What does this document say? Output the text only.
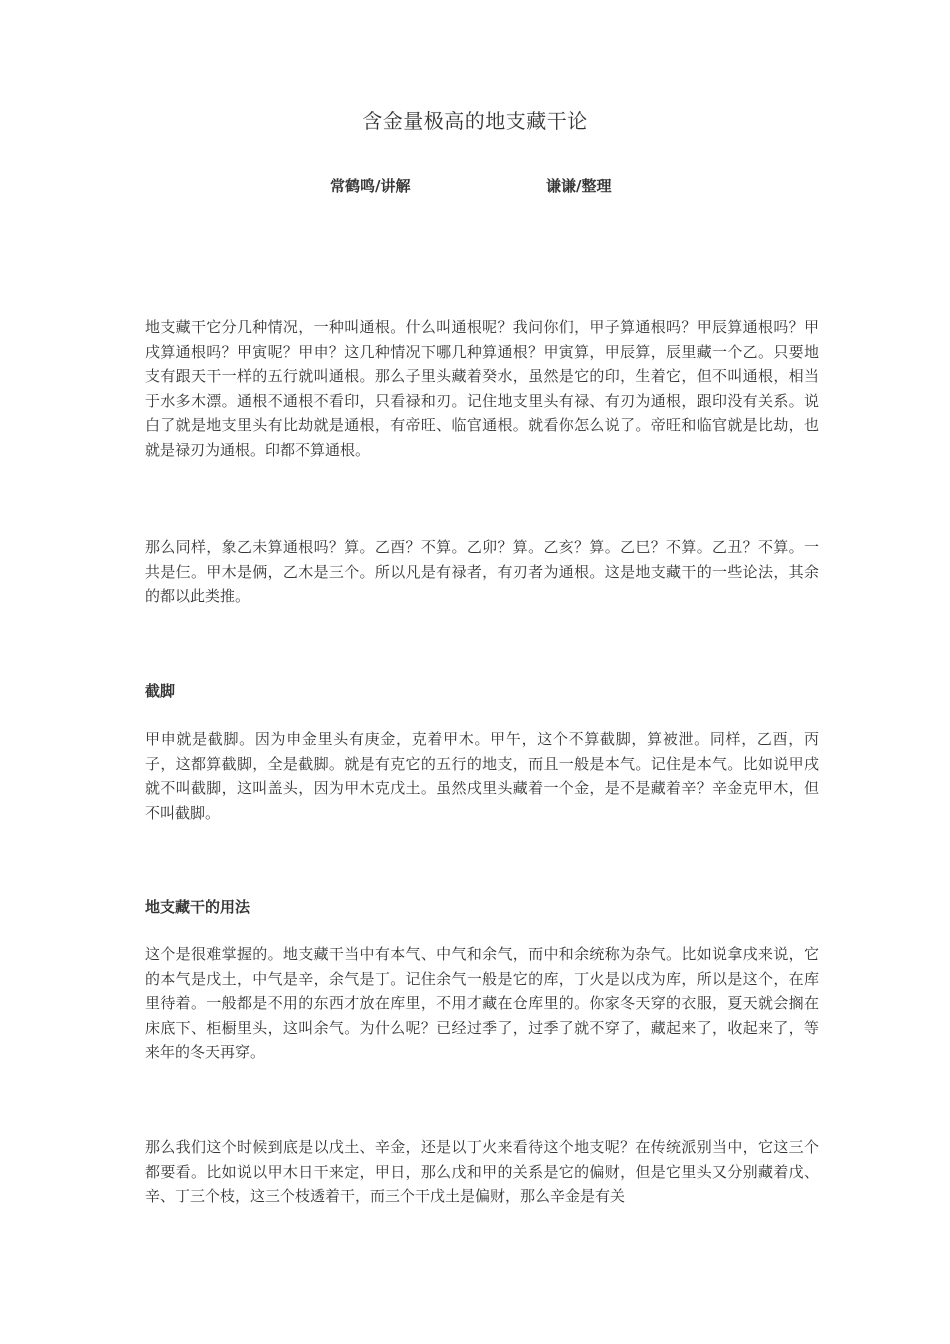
含金量极高的地支藏干论
常鹤鸣/讲解	谦谦/整理

地支藏干它分几种情况，一种叫通根。什么叫通根呢？我问你们，甲子算通根吗？甲辰算通根吗？甲戌算通根吗？甲寅呢？甲申？这几种情况下哪几种算通根？甲寅算，甲辰算，辰里藏一个乙。只要地支有跟天干一样的五行就叫通根。那么子里头藏着癸水，虽然是它的印，生着它，但不叫通根，相当于水多木漂。通根不通根不看印，只看禄和刃。记住地支里头有禄、有刃为通根，跟印没有关系。说白了就是地支里头有比劫就是通根，有帝旺、临官通根。就看你怎么说了。帝旺和临官就是比劫，也就是禄刃为通根。印都不算通根。

那么同样，象乙未算通根吗？算。乙酉？不算。乙卯？算。乙亥？算。乙巳？不算。乙丑？不算。一共是仨。甲木是俩，乙木是三个。所以凡是有禄者，有刃者为通根。这是地支藏干的一些论法，其余的都以此类推。

截脚

甲申就是截脚。因为申金里头有庚金，克着甲木。甲午，这个不算截脚，算被泄。同样，乙酉，丙子，这都算截脚，全是截脚。就是有克它的五行的地支，而且一般是本气。记住是本气。比如说甲戌就不叫截脚，这叫盖头，因为甲木克戊土。虽然戌里头藏着一个金，是不是藏着辛？辛金克甲木，但不叫截脚。

地支藏干的用法

这个是很难掌握的。地支藏干当中有本气、中气和余气，而中和余统称为杂气。比如说拿戌来说，它的本气是戊土，中气是辛，余气是丁。记住余气一般是它的库，丁火是以戌为库，所以是这个，在库里待着。一般都是不用的东西才放在库里，不用才藏在仓库里的。你家冬天穿的衣服，夏天就会搁在床底下、柜橱里头，这叫余气。为什么呢？已经过季了，过季了就不穿了，藏起来了，收起来了，等来年的冬天再穿。

那么我们这个时候到底是以戊土、辛金，还是以丁火来看待这个地支呢？在传统派别当中，它这三个都要看。比如说以甲木日干来定，甲日，那么戊和甲的关系是它的偏财，但是它里头又分别藏着戊、辛、丁三个枝，这三个枝透着干，而三个干戊土是偏财，那么辛金是有关
